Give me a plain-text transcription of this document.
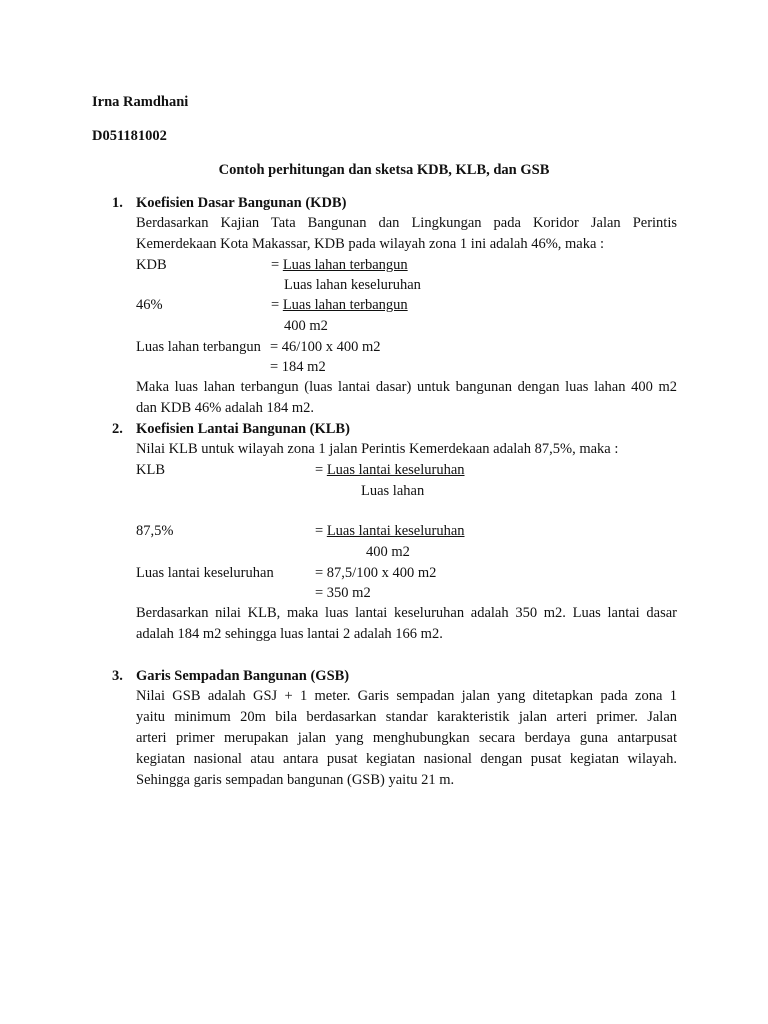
Irna Ramdhani
D051181002
Contoh perhitungan dan sketsa KDB, KLB, dan GSB
1. Koefisien Dasar Bangunan (KDB)
Berdasarkan Kajian Tata Bangunan dan Lingkungan pada Koridor Jalan Perintis
Kemerdekaan Kota Makassar, KDB pada wilayah zona 1 ini adalah 46%, maka :
KDB	= Luas lahan terbangun
Luas lahan keseluruhan
46%	= Luas lahan terbangun
400 m2
Luas lahan terbangun = 46/100 x 400 m2
= 184 m2
Maka luas lahan terbangun (luas lantai dasar) untuk bangunan dengan luas lahan 400 m2
dan KDB 46% adalah 184 m2.
2. Koefisien Lantai Bangunan (KLB)
Nilai KLB untuk wilayah zona 1 jalan Perintis Kemerdekaan adalah 87,5%, maka :
KLB	= Luas lantai keseluruhan
Luas lahan
87,5%	= Luas lantai keseluruhan
400 m2
Luas lantai keseluruhan	= 87,5/100 x 400 m2
= 350 m2
Berdasarkan nilai KLB, maka luas lantai keseluruhan adalah 350 m2. Luas lantai dasar
adalah 184 m2 sehingga luas lantai 2 adalah 166 m2.
3. Garis Sempadan Bangunan (GSB)
Nilai GSB adalah GSJ + 1 meter. Garis sempadan jalan yang ditetapkan pada zona 1
yaitu minimum 20m bila berdasarkan standar karakteristik jalan arteri primer. Jalan
arteri primer merupakan jalan yang menghubungkan secara berdaya guna antarpusat
kegiatan nasional atau antara pusat kegiatan nasional dengan pusat kegiatan wilayah.
Sehingga garis sempadan bangunan (GSB) yaitu 21 m.
